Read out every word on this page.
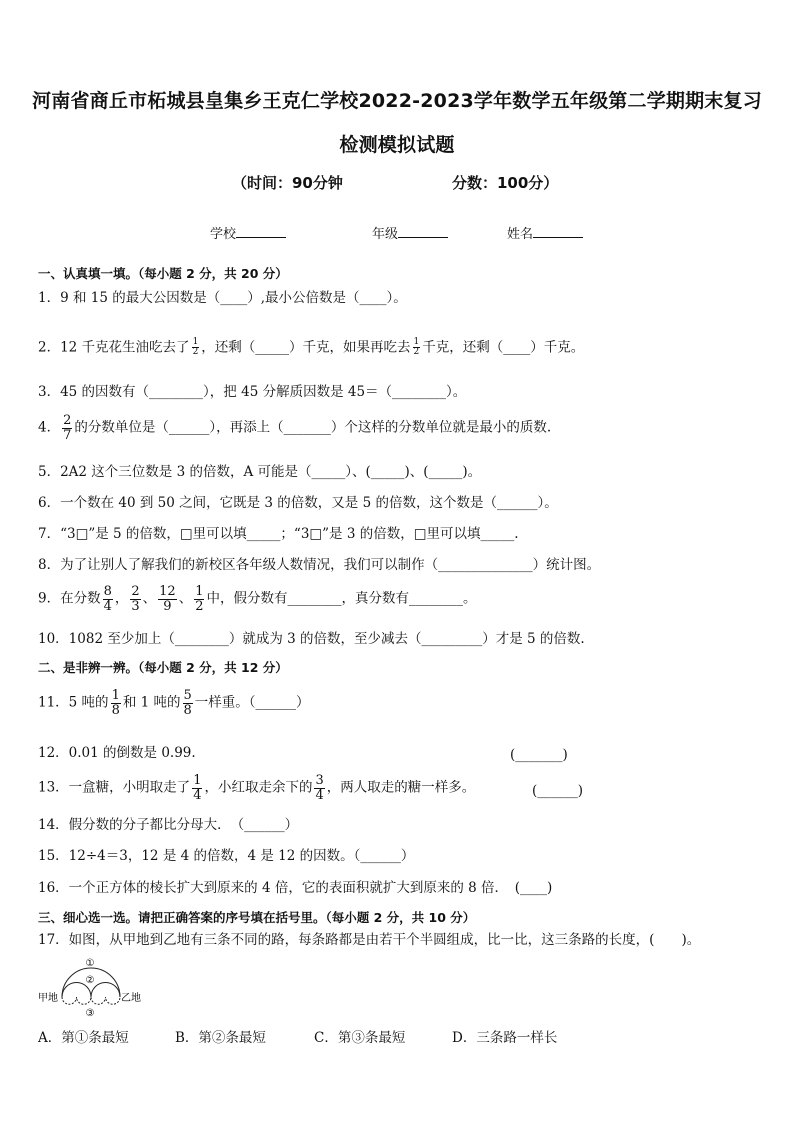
河南省商丘市柘城县皇集乡王克仁学校2022-2023学年数学五年级第二学期期末复习
检测模拟试题
（时间：90分钟	分数：100分）
学校	年级	姓名
一、认真填一填。（每小题 2 分，共 20 分）
1．9 和 15 的最大公因数是（____）,最小公倍数是（____）。
2．12 千克花生油吃去了 $\frac{1}{2}$ ，还剩（_____）千克，如果再吃去 $\frac{1}{2}$ 千克，还剩（____）千克。
3．45 的因数有（________），把 45 分解质因数是 45＝（________）。
4． $\frac{2}{7}$ 的分数单位是（______），再添上（_______）个这样的分数单位就是最小的质数.
5．2A2 这个三位数是 3 的倍数，A 可能是（_____）、(_____)、(_____)。
6．一个数在 40 到 50 之间，它既是 3 的倍数，又是 5 的倍数，这个数是（______）。
7．“3□”是 5 的倍数，□里可以填_____；“3□”是 3 的倍数，□里可以填_____.
8．为了让别人了解我们的新校区各年级人数情况，我们可以制作（______________）统计图。
9．在分数 $\frac{8}{4}$ ， $\frac{2}{3}$ 、 $\frac{12}{9}$ 、 $\frac{1}{2}$ 中，假分数有________，真分数有________。
10．1082 至少加上（________）就成为 3 的倍数，至少减去（_________）才是 5 的倍数.
二、是非辨一辨。（每小题 2 分，共 12 分）
11．5 吨的 $\frac{1}{8}$ 和 1 吨的 $\frac{5}{8}$ 一样重。（______）
12．0.01 的倒数是 0.99.	(_______)
13．一盒糖，小明取走了 $\frac{1}{4}$ ，小红取走余下的 $\frac{3}{4}$ ，两人取走的糖一样多。	(______)
14．假分数的分子都比分母大．　（______）
15．12÷4＝3，12 是 4 的倍数，4 是 12 的因数。（______）
16．一个正方体的棱长扩大到原来的 4 倍，它的表面积就扩大到原来的 8 倍．　(____)
三、细心选一选。请把正确答案的序号填在括号里。（每小题 2 分，共 10 分）
17．如图，从甲地到乙地有三条不同的路，每条路都是由若干个半圆组成，比一比，这三条路的长度，(　　)。
①
②
③
甲地	乙地
A．第①条最短	B．第②条最短	C．第③条最短	D．三条路一样长
